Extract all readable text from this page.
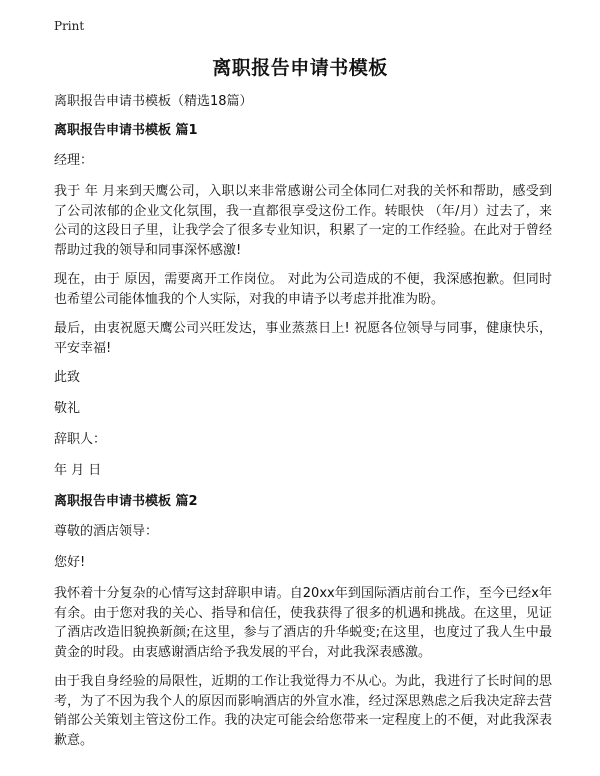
Print
离职报告申请书模板

离职报告申请书模板（精选18篇）

离职报告申请书模板 篇1

经理：

我于 年 月来到天鹰公司，入职以来非常感谢公司全体同仁对我的关怀和帮助，感受到了公司浓郁的企业文化氛围，我一直都很享受这份工作。转眼快 （年/月）过去了，来公司的这段日子里，让我学会了很多专业知识，积累了一定的工作经验。在此对于曾经帮助过我的领导和同事深怀感激!

现在，由于 原因，需要离开工作岗位。 对此为公司造成的不便，我深感抱歉。但同时也希望公司能体恤我的个人实际，对我的申请予以考虑并批准为盼。

最后，由衷祝愿天鹰公司兴旺发达，事业蒸蒸日上! 祝愿各位领导与同事，健康快乐，平安幸福!

此致

敬礼

辞职人：

年 月 日

离职报告申请书模板 篇2

尊敬的酒店领导：

您好!

我怀着十分复杂的心情写这封辞职申请。自20xx年到国际酒店前台工作，至今已经x年有余。由于您对我的关心、指导和信任，使我获得了很多的机遇和挑战。在这里，见证了酒店改造旧貌换新颜;在这里，参与了酒店的升华蜕变;在这里，也度过了我人生中最黄金的时段。由衷感谢酒店给予我发展的平台，对此我深表感激。

由于我自身经验的局限性，近期的工作让我觉得力不从心。为此，我进行了长时间的思考，为了不因为我个人的原因而影响酒店的外宣水准，经过深思熟虑之后我决定辞去营销部公关策划主管这份工作。我的决定可能会给您带来一定程度上的不便，对此我深表歉意。
